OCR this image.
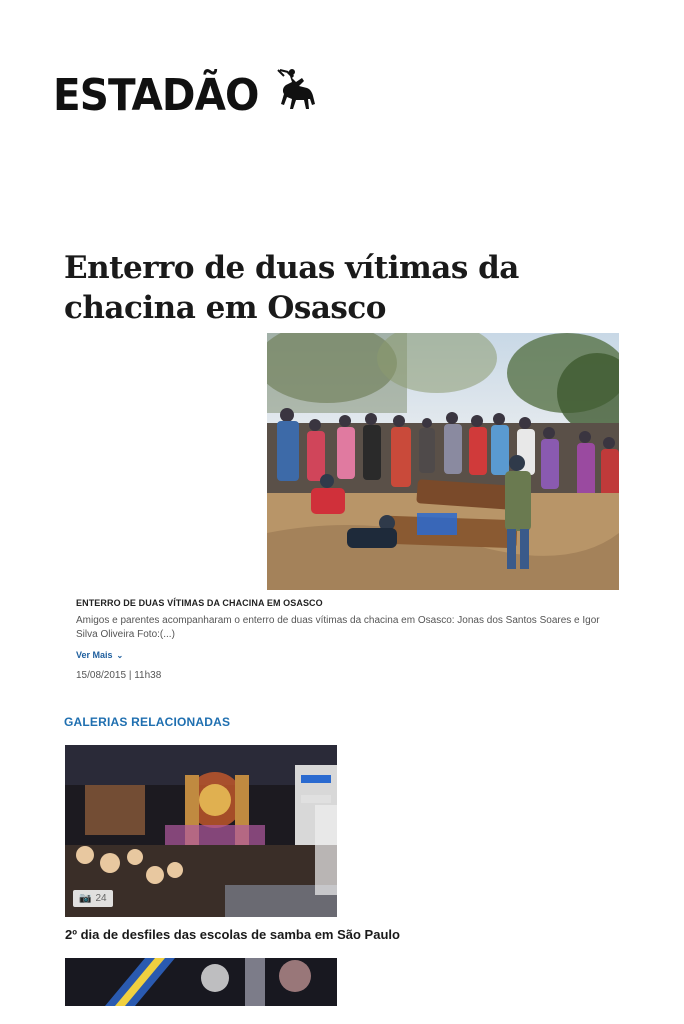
ESTADÃO
Enterro de duas vítimas da chacina em Osasco
ENTERRO DE DUAS VÍTIMAS DA CHACINA EM OSASCO
Amigos e parentes acompanharam o enterro de duas vítimas da chacina em Osasco: Jonas dos Santos Soares e Igor Silva Oliveira Foto:(...)
Ver Mais ⌄
15/08/2015 | 11h38
GALERIAS RELACIONADAS
📷 24
2º dia de desfiles das escolas de samba em São Paulo
